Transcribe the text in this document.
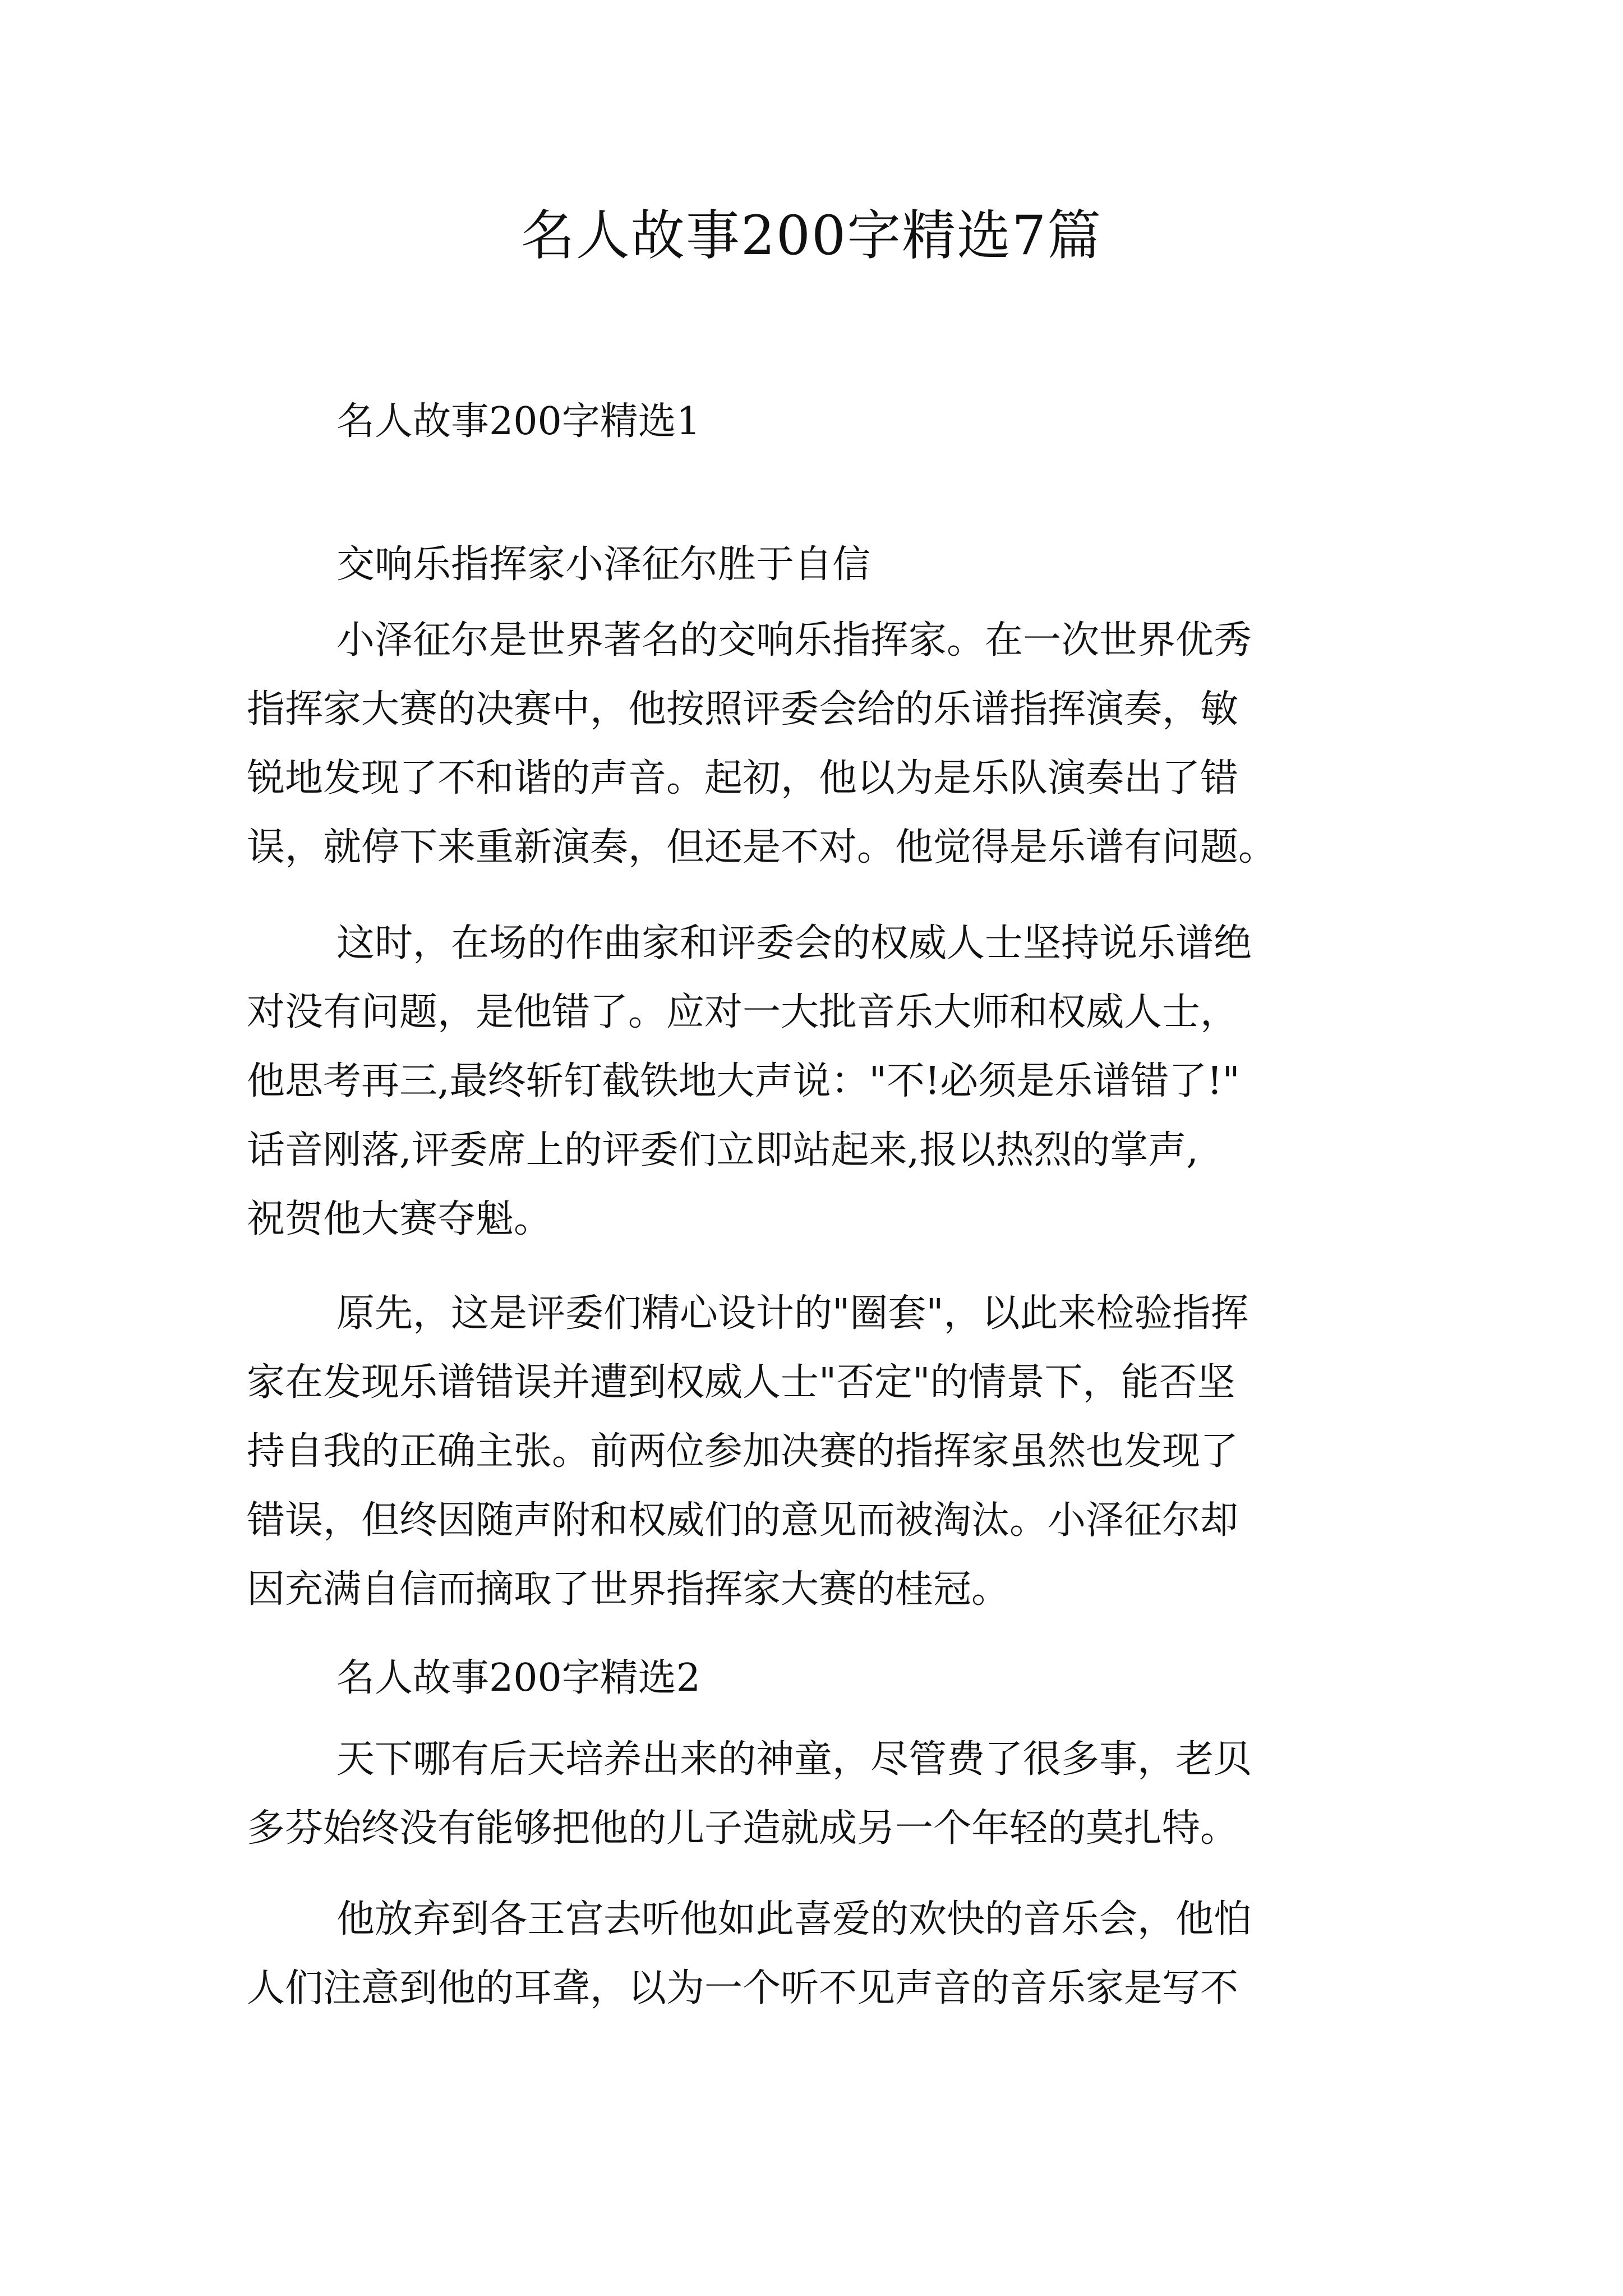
名人故事200字精选7篇

名人故事200字精选1

交响乐指挥家小泽征尔胜于自信

小泽征尔是世界著名的交响乐指挥家。在一次世界优秀

指挥家大赛的决赛中，他按照评委会给的乐谱指挥演奏，敏

锐地发现了不和谐的声音。起初，他以为是乐队演奏出了错

误，就停下来重新演奏，但还是不对。他觉得是乐谱有问题。

这时，在场的作曲家和评委会的权威人士坚持说乐谱绝

对没有问题，是他错了。应对一大批音乐大师和权威人士，

他思考再三,最终斩钉截铁地大声说："不!必须是乐谱错了!"

话音刚落,评委席上的评委们立即站起来,报以热烈的掌声,

祝贺他大赛夺魁。

原先，这是评委们精心设计的"圈套"，以此来检验指挥

家在发现乐谱错误并遭到权威人士"否定"的情景下，能否坚

持自我的正确主张。前两位参加决赛的指挥家虽然也发现了

错误，但终因随声附和权威们的意见而被淘汰。小泽征尔却

因充满自信而摘取了世界指挥家大赛的桂冠。

名人故事200字精选2

天下哪有后天培养出来的神童，尽管费了很多事，老贝

多芬始终没有能够把他的儿子造就成另一个年轻的莫扎特。

他放弃到各王宫去听他如此喜爱的欢快的音乐会，他怕

人们注意到他的耳聋，以为一个听不见声音的音乐家是写不
